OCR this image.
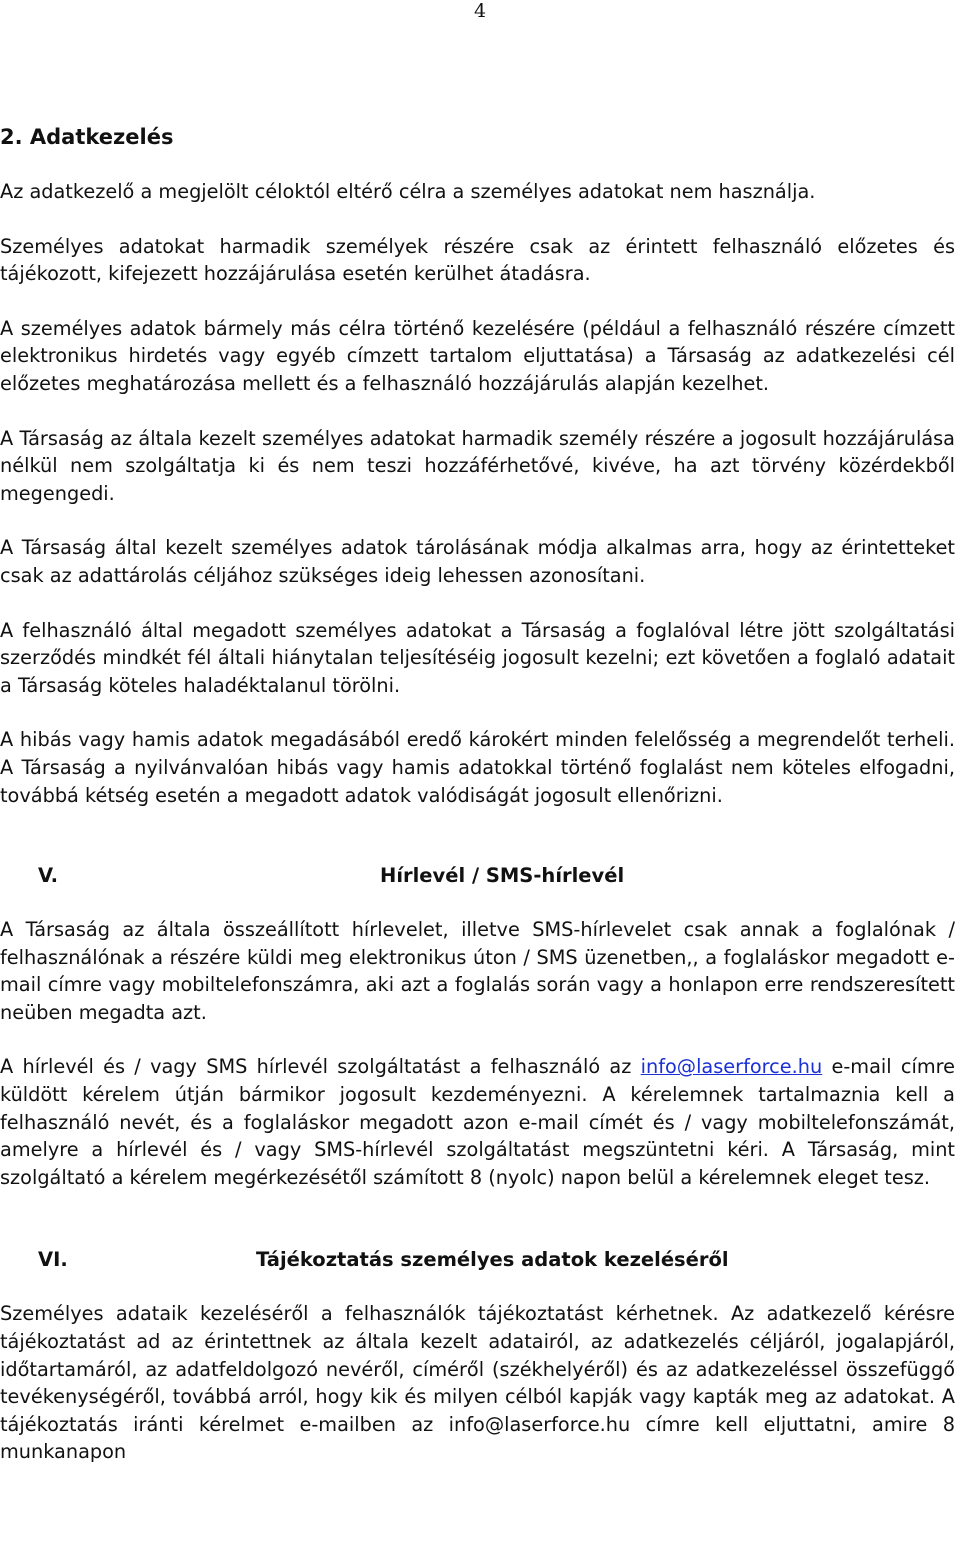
4
2. Adatkezelés

Az adatkezelő a megjelölt céloktól eltérő célra a személyes adatokat nem használja.

Személyes adatokat harmadik személyek részére csak az érintett felhasználó előzetes és tájékozott, kifejezett hozzájárulása esetén kerülhet átadásra.

A személyes adatok bármely más célra történő kezelésére (például a felhasználó részére címzett elektronikus hirdetés vagy egyéb címzett tartalom eljuttatása) a Társaság az adatkezelési cél előzetes meghatározása mellett és a felhasználó hozzájárulás alapján kezelhet.

A Társaság az általa kezelt személyes adatokat harmadik személy részére a jogosult hozzájárulása nélkül nem szolgáltatja ki és nem teszi hozzáférhetővé, kivéve, ha azt törvény közérdekből megengedi.

A Társaság által kezelt személyes adatok tárolásának módja alkalmas arra, hogy az érintetteket csak az adattárolás céljához szükséges ideig lehessen azonosítani.

A felhasználó által megadott személyes adatokat a Társaság a foglalóval létre jött szolgáltatási szerződés mindkét fél általi hiánytalan teljesítéséig jogosult kezelni; ezt követően a foglaló adatait a Társaság köteles haladéktalanul törölni.

A hibás vagy hamis adatok megadásából eredő károkért minden felelősség a megrendelőt terheli. A Társaság a nyilvánvalóan hibás vagy hamis adatokkal történő foglalást nem köteles elfogadni, továbbá kétség esetén a megadott adatok valódiságát jogosult ellenőrizni.

V.	Hírlevél / SMS-hírlevél

A Társaság az általa összeállított hírlevelet, illetve SMS-hírlevelet csak annak a foglalónak / felhasználónak a részére küldi meg elektronikus úton / SMS üzenetben,, a foglaláskor megadott e-mail címre vagy mobiltelefonszámra, aki azt a foglalás során vagy a honlapon erre rendszeresített neüben megadta azt.

A hírlevél és / vagy SMS hírlevél szolgáltatást a felhasználó az info@laserforce.hu e-mail címre küldött kérelem útján bármikor jogosult kezdeményezni. A kérelemnek tartalmaznia kell a felhasználó nevét, és a foglaláskor megadott azon e-mail címét és / vagy mobiltelefonszámát, amelyre a hírlevél és / vagy SMS-hírlevél szolgáltatást megszüntetni kéri. A Társaság, mint szolgáltató a kérelem megérkezésétől számított 8 (nyolc) napon belül a kérelemnek eleget tesz.

VI.	Tájékoztatás személyes adatok kezeléséről

Személyes adataik kezeléséről a felhasználók tájékoztatást kérhetnek. Az adatkezelő kérésre tájékoztatást ad az érintettnek az általa kezelt adatairól, az adatkezelés céljáról, jogalapjáról, időtartamáról, az adatfeldolgozó nevéről, címéről (székhelyéről) és az adatkezeléssel összefüggő tevékenységéről, továbbá arról, hogy kik és milyen célból kapják vagy kapták meg az adatokat. A tájékoztatás iránti kérelmet e-mailben az info@laserforce.hu címre kell eljuttatni, amire 8 munkanapon
